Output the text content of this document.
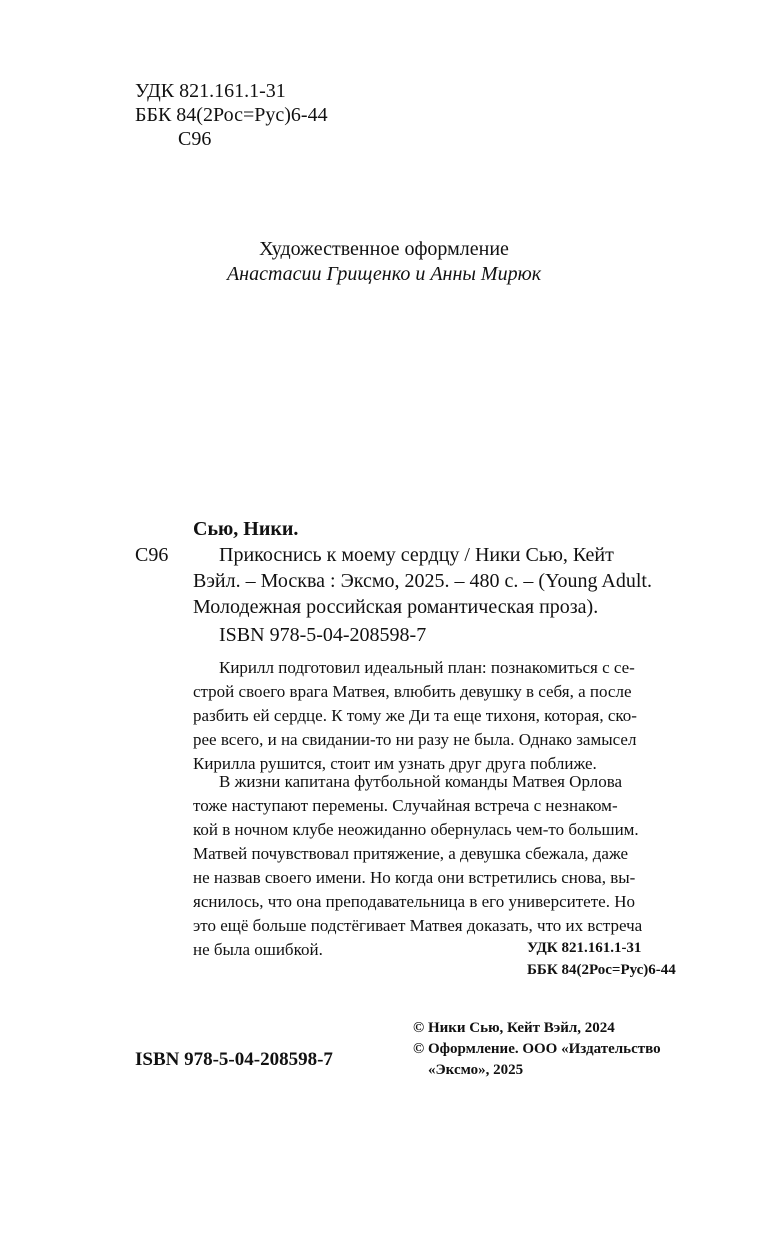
УДК 821.161.1-31
ББК 84(2Рос=Рус)6-44
С96
Художественное оформление
Анастасии Грищенко и Анны Мирюк
Сью, Ники.
С96	Прикоснись к моему сердцу / Ники Сью, Кейт
Вэйл. – Москва : Эксмо, 2025. – 480 с. – (Young Adult.
Молодежная российская романтическая проза).
ISBN 978-5-04-208598-7
Кирилл подготовил идеальный план: познакомиться с се-
строй своего врага Матвея, влюбить девушку в себя, а после
разбить ей сердце. К тому же Ди та еще тихоня, которая, ско-
рее всего, и на свидании-то ни разу не была. Однако замысел
Кирилла рушится, стоит им узнать друг друга поближе.
В жизни капитана футбольной команды Матвея Орлова
тоже наступают перемены. Случайная встреча с незнаком-
кой в ночном клубе неожиданно обернулась чем-то большим.
Матвей почувствовал притяжение, а девушка сбежала, даже
не назвав своего имени. Но когда они встретились снова, вы-
яснилось, что она преподавательница в его университете. Но
это ещё больше подстёгивает Матвея доказать, что их встреча
не была ошибкой.	УДК 821.161.1-31
ББК 84(2Рос=Рус)6-44
ISBN 978-5-04-208598-7
© Ники Сью, Кейт Вэйл, 2024
© Оформление. ООО «Издательство
«Эксмо», 2025
